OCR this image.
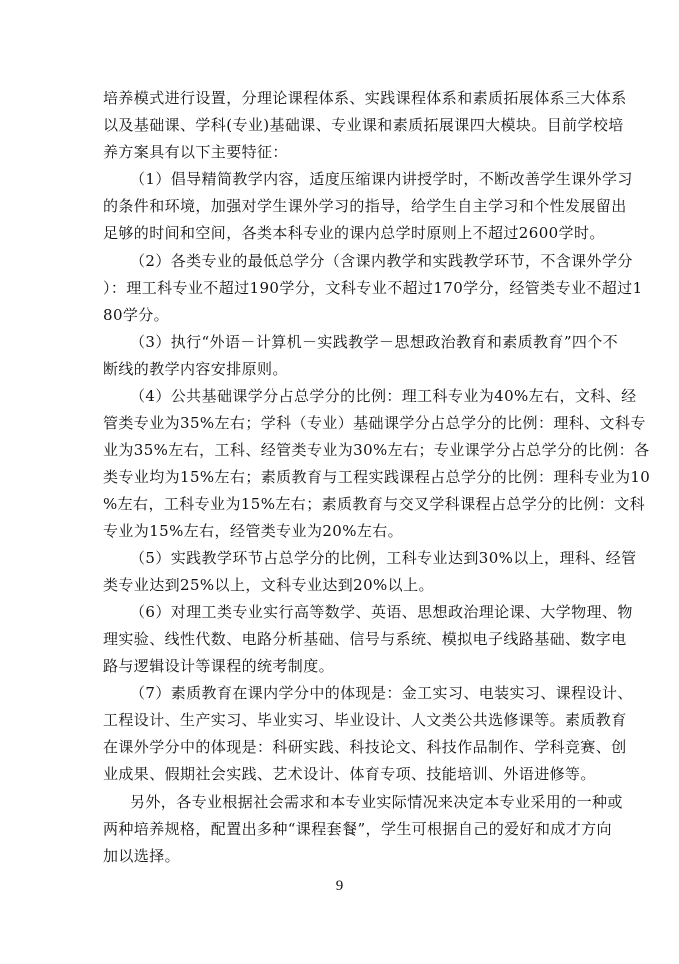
培养模式进行设置，分理论课程体系、实践课程体系和素质拓展体系三大体系
以及基础课、学科(专业)基础课、专业课和素质拓展课四大模块。目前学校培
养方案具有以下主要特征：
（1）倡导精简教学内容，适度压缩课内讲授学时，不断改善学生课外学习
的条件和环境，加强对学生课外学习的指导，给学生自主学习和个性发展留出
足够的时间和空间，各类本科专业的课内总学时原则上不超过2600学时。
（2）各类专业的最低总学分（含课内教学和实践教学环节，不含课外学分
）：理工科专业不超过190学分，文科专业不超过170学分，经管类专业不超过1
80学分。
（3）执行“外语－计算机－实践教学－思想政治教育和素质教育”四个不
断线的教学内容安排原则。
（4）公共基础课学分占总学分的比例：理工科专业为40%左右，文科、经
管类专业为35%左右；学科（专业）基础课学分占总学分的比例：理科、文科专
业为35%左右，工科、经管类专业为30%左右；专业课学分占总学分的比例：各
类专业均为15%左右；素质教育与工程实践课程占总学分的比例：理科专业为10
%左右，工科专业为15%左右；素质教育与交叉学科课程占总学分的比例：文科
专业为15%左右，经管类专业为20%左右。
（5）实践教学环节占总学分的比例，工科专业达到30%以上，理科、经管
类专业达到25%以上，文科专业达到20%以上。
（6）对理工类专业实行高等数学、英语、思想政治理论课、大学物理、物
理实验、线性代数、电路分析基础、信号与系统、模拟电子线路基础、数字电
路与逻辑设计等课程的统考制度。
（7）素质教育在课内学分中的体现是：金工实习、电装实习、课程设计、
工程设计、生产实习、毕业实习、毕业设计、人文类公共选修课等。素质教育
在课外学分中的体现是：科研实践、科技论文、科技作品制作、学科竞赛、创
业成果、假期社会实践、艺术设计、体育专项、技能培训、外语进修等。
另外，各专业根据社会需求和本专业实际情况来决定本专业采用的一种或
两种培养规格，配置出多种“课程套餐”，学生可根据自己的爱好和成才方向
加以选择。
9
